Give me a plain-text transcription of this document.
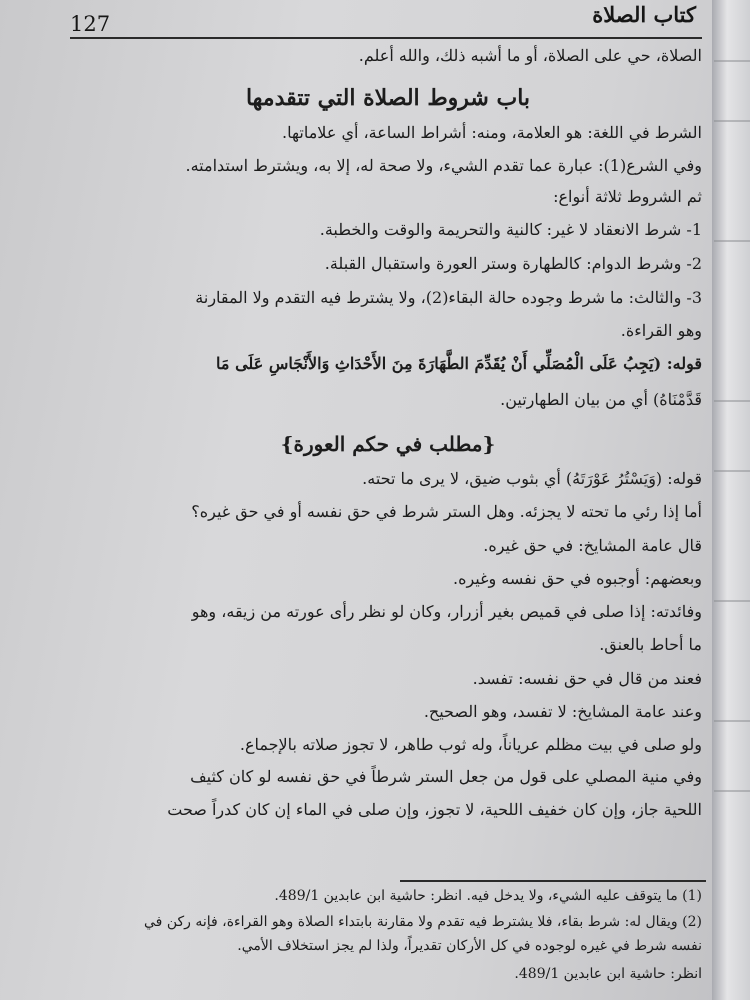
كتاب الصلاة
127
الصلاة، حي على الصلاة، أو ما أشبه ذلك، والله أعلم.
باب شروط الصلاة التي تتقدمها
الشرط في اللغة: هو العلامة، ومنه: أشراط الساعة، أي علاماتها.
وفي الشرع(1): عبارة عما تقدم الشيء، ولا صحة له، إلا به، ويشترط استدامته.
ثم الشروط ثلاثة أنواع:
1- شرط الانعقاد لا غير: كالنية والتحريمة والوقت والخطبة.
2- وشرط الدوام: كالطهارة وستر العورة واستقبال القبلة.
3- والثالث: ما شرط وجوده حالة البقاء(2)، ولا يشترط فيه التقدم ولا المقارنة
وهو القراءة.
قوله: (يَجِبُ عَلَى الْمُصَلِّي أَنْ يُقَدِّمَ الطَّهَارَةَ مِنَ الأَحْدَاثِ وَالأَنْجَاسِ عَلَى مَا
قَدَّمْنَاهُ) أي من بيان الطهارتين.
{مطلب في حكم العورة}
قوله: (وَيَسْتُرُ عَوْرَتَهُ) أي بثوب ضيق، لا يرى ما تحته.
أما إذا رئي ما تحته لا يجزئه. وهل الستر شرط في حق نفسه أو في حق غيره؟
قال عامة المشايخ: في حق غيره.
وبعضهم: أوجبوه في حق نفسه وغيره.
وفائدته: إذا صلى في قميص بغير أزرار، وكان لو نظر رأى عورته من زيقه، وهو
ما أحاط بالعنق.
فعند من قال في حق نفسه: تفسد.
وعند عامة المشايخ: لا تفسد، وهو الصحيح.
ولو صلى في بيت مظلم عرياناً، وله ثوب طاهر، لا تجوز صلاته بالإجماع.
وفي منية المصلي على قول من جعل الستر شرطاً في حق نفسه لو كان كثيف
اللحية جاز، وإن كان خفيف اللحية، لا تجوز، وإن صلى في الماء إن كان كدراً صحت
(1) ما يتوقف عليه الشيء، ولا يدخل فيه. انظر: حاشية ابن عابدين 489/1.
(2) ويقال له: شرط بقاء، فلا يشترط فيه تقدم ولا مقارنة بابتداء الصلاة وهو القراءة، فإنه ركن في
نفسه شرط في غيره لوجوده في كل الأركان تقديراً، ولذا لم يجز استخلاف الأمي.
انظر: حاشية ابن عابدين 489/1.
